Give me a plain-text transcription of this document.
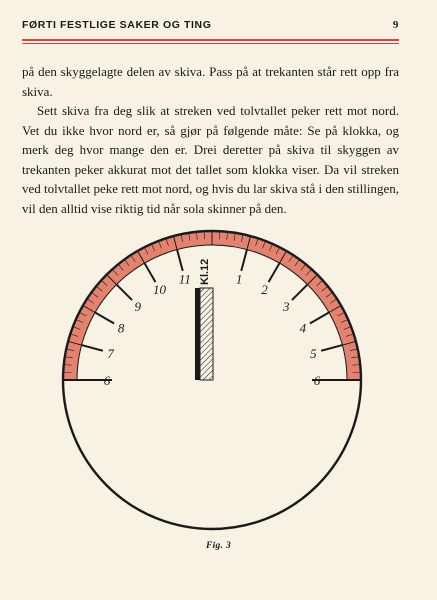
FØRTI FESTLIGE SAKER OG TING	9

på den skyggelagte delen av skiva. Pass på at trekanten står rett opp fra skiva.

Sett skiva fra deg slik at streken ved tolvtallet peker rett mot nord. Vet du ikke hvor nord er, så gjør på følgende måte: Se på klokka, og merk deg hvor mange den er. Drei deretter på skiva til skyggen av trekanten peker akkurat mot det tallet som klokka viser. Da vil streken ved tolvtallet peke rett mot nord, og hvis du lar skiva stå i den stillingen, vil den alltid vise riktig tid når sola skinner på den.

6
7
8
9
10
11	1
2
3
4
5
6
Kl.12
Fig. 3
